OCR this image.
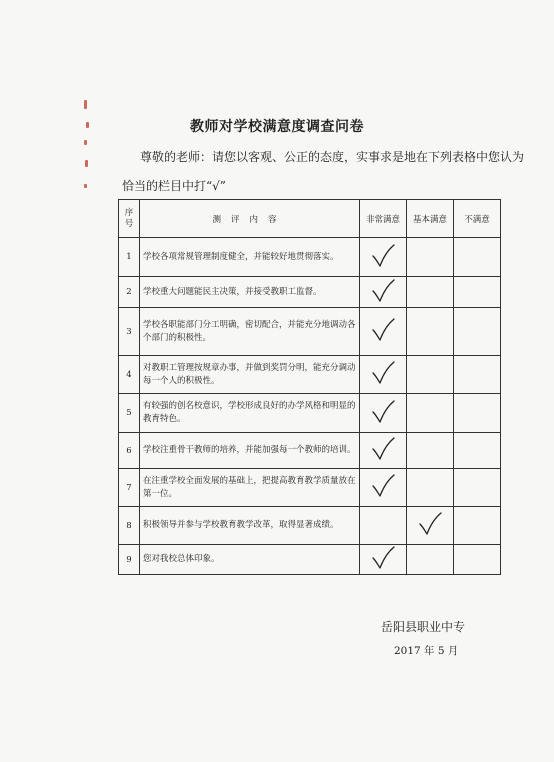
教师对学校满意度调查问卷
尊敬的老师：请您以客观、公正的态度，实事求是地在下列表格中您认为
恰当的栏目中打“√”
序
号	测评内容	非常满意	基本满意	不满意
1	学校各项常规管理制度健全，并能较好地贯彻落实。			
2	学校重大问题能民主决策，并接受教职工监督。			
3	学校各职能部门分工明确，密切配合，并能充分地调动各个部门的积极性。			
4	对教职工管理按规章办事，并做到奖罚分明，能充分调动每一个人的积极性。			
5	有较强的创名校意识，学校形成良好的办学风格和明显的教育特色。			
6	学校注重骨干教师的培养，并能加强每一个教师的培训。			
7	在注重学校全面发展的基础上，把提高教育教学质量放在第一位。			
8	积极领导并参与学校教育教学改革，取得显著成绩。			
9	您对我校总体印象。			
岳阳县职业中专
2017 年 5 月
